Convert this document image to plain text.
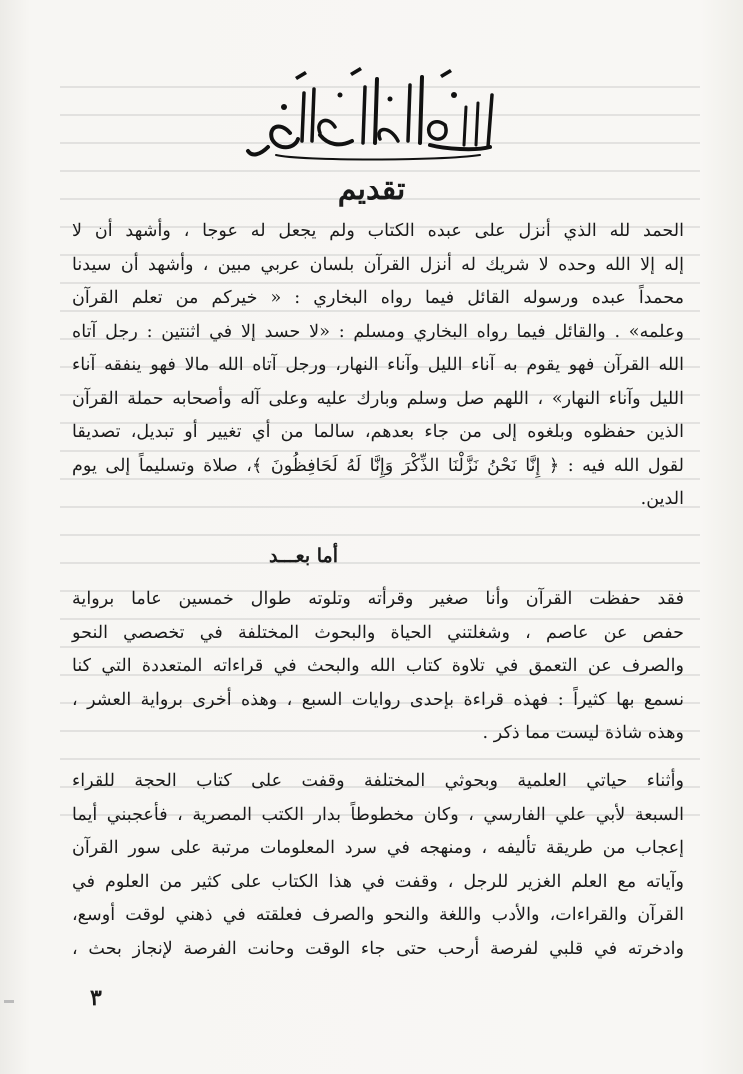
تقديم
الحمد لله الذي أنزل على عبده الكتاب ولم يجعل له عوجا ، وأشهد أن لا
إله إلا الله وحده لا شريك له أنزل القرآن بلسان عربي مبين ، وأشهد أن سيدنا
محمداً عبده ورسوله القائل فيما رواه البخاري : « خيركم من تعلم القرآن
وعلمه» . والقائل فيما رواه البخاري ومسلم : «لا حسد إلا في اثنتين : رجل آتاه
الله القرآن فهو يقوم به آناء الليل وآناء النهار، ورجل آتاه الله مالا فهو ينفقه آناء
الليل وآناء النهار» ، اللهم صل وسلم وبارك عليه وعلى آله وأصحابه حملة القرآن
الذين حفظوه وبلغوه إلى من جاء بعدهم، سالما من أي تغيير أو تبديل، تصديقا
لقول الله فيه : ﴿ إِنَّا نَحْنُ نَزَّلْنَا الذِّكْرَ وَإِنَّا لَهُ لَحَافِظُونَ ﴾، صلاة وتسليماً إلى يوم
الدين.
أما بعـــد
فقد حفظت القرآن وأنا صغير وقرأته وتلوته طوال خمسين عاما برواية
حفص عن عاصم ، وشغلتني الحياة والبحوث المختلفة في تخصصي النحو
والصرف عن التعمق في تلاوة كتاب الله والبحث في قراءاته المتعددة التي كنا
نسمع بها كثيراً : فهذه قراءة بإحدى روايات السبع ، وهذه أخرى برواية العشر ،
وهذه شاذة ليست مما ذكر .
وأثناء حياتي العلمية وبحوثي المختلفة وقفت على كتاب الحجة للقراء
السبعة لأبي علي الفارسي ، وكان مخطوطاً بدار الكتب المصرية ، فأعجبني أيما
إعجاب من طريقة تأليفه ، ومنهجه في سرد المعلومات مرتبة على سور القرآن
وآياته مع العلم الغزير للرجل ، وقفت في هذا الكتاب على كثير من العلوم في
القرآن والقراءات، والأدب واللغة والنحو والصرف فعلقته في ذهني لوقت أوسع،
وادخرته في قلبي لفرصة أرحب حتى جاء الوقت وحانت الفرصة لإنجاز بحث ،
٣
